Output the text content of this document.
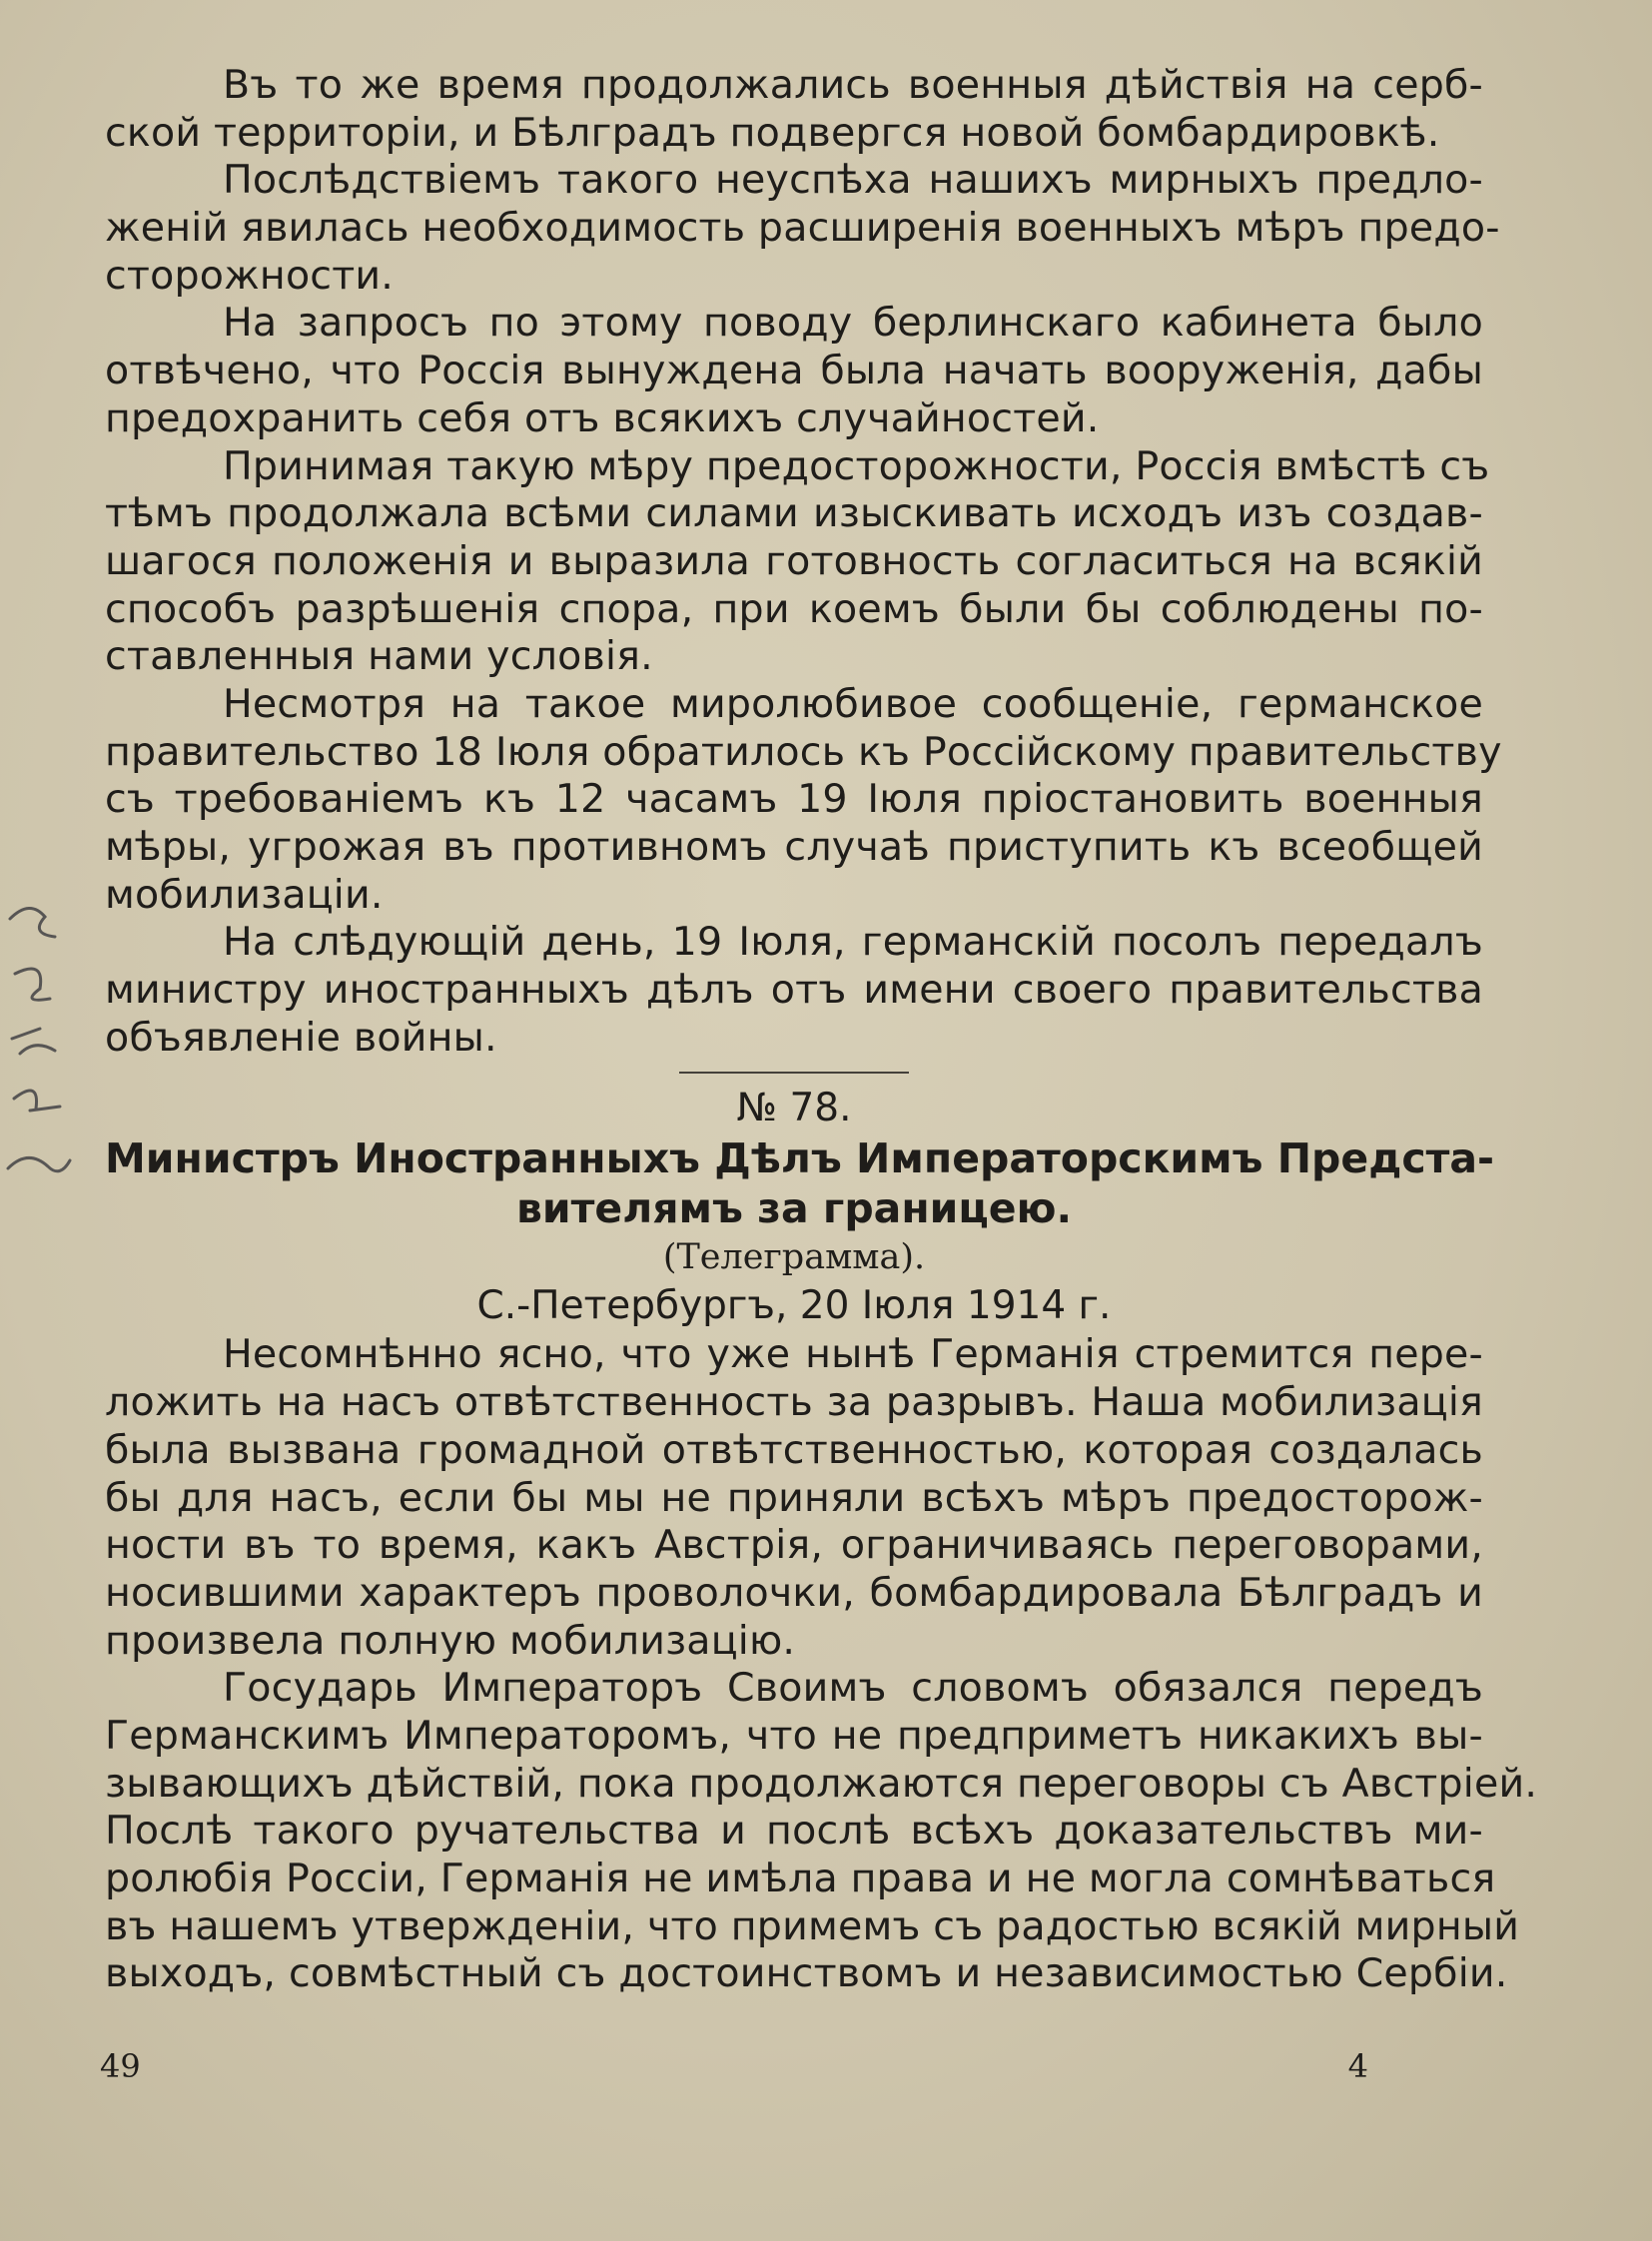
Въ то же время продолжались военныя дѣйствія на серб-
ской территоріи, и Бѣлградъ подвергся новой бомбардировкѣ.
Послѣдствіемъ такого неуспѣха нашихъ мирныхъ предло-
женій явилась необходимость расширенія военныхъ мѣръ предо-
сторожности.
На запросъ по этому поводу берлинскаго кабинета было
отвѣчено, что Россія вынуждена была начать вооруженія, дабы
предохранить себя отъ всякихъ случайностей.
Принимая такую мѣру предосторожности, Россія вмѣстѣ съ
тѣмъ продолжала всѣми силами изыскивать исходъ изъ создав-
шагося положенія и выразила готовность согласиться на всякій
способъ разрѣшенія спора, при коемъ были бы соблюдены по-
ставленныя нами условія.
Несмотря на такое миролюбивое сообщеніе, германское
правительство 18 Іюля обратилось къ Россійскому правительству
съ требованіемъ къ 12 часамъ 19 Іюля пріостановить военныя
мѣры, угрожая въ противномъ случаѣ приступить къ всеобщей
мобилизаціи.
На слѣдующій день, 19 Іюля, германскій посолъ передалъ
министру иностранныхъ дѣлъ отъ имени своего правительства
объявленіе войны.
№ 78.
Министръ Иностранныхъ Дѣлъ Императорскимъ Предста-
вителямъ за границею.
(Телеграмма).
С.-Петербургъ, 20 Іюля 1914 г.
Несомнѣнно ясно, что уже нынѣ Германія стремится пере-
ложить на насъ отвѣтственность за разрывъ. Наша мобилизація
была вызвана громадной отвѣтственностью, которая создалась
бы для насъ, если бы мы не приняли всѣхъ мѣръ предосторож-
ности въ то время, какъ Австрія, ограничиваясь переговорами,
носившими характеръ проволочки, бомбардировала Бѣлградъ и
произвела полную мобилизацію.
Государь Императоръ Своимъ словомъ обязался передъ
Германскимъ Императоромъ, что не предприметъ никакихъ вы-
зывающихъ дѣйствій, пока продолжаются переговоры съ Австріей.
Послѣ такого ручательства и послѣ всѣхъ доказательствъ ми-
ролюбія Россіи, Германія не имѣла права и не могла сомнѣваться
въ нашемъ утвержденіи, что примемъ съ радостью всякій мирный
выходъ, совмѣстный съ достоинствомъ и независимостью Сербіи.
49	4
